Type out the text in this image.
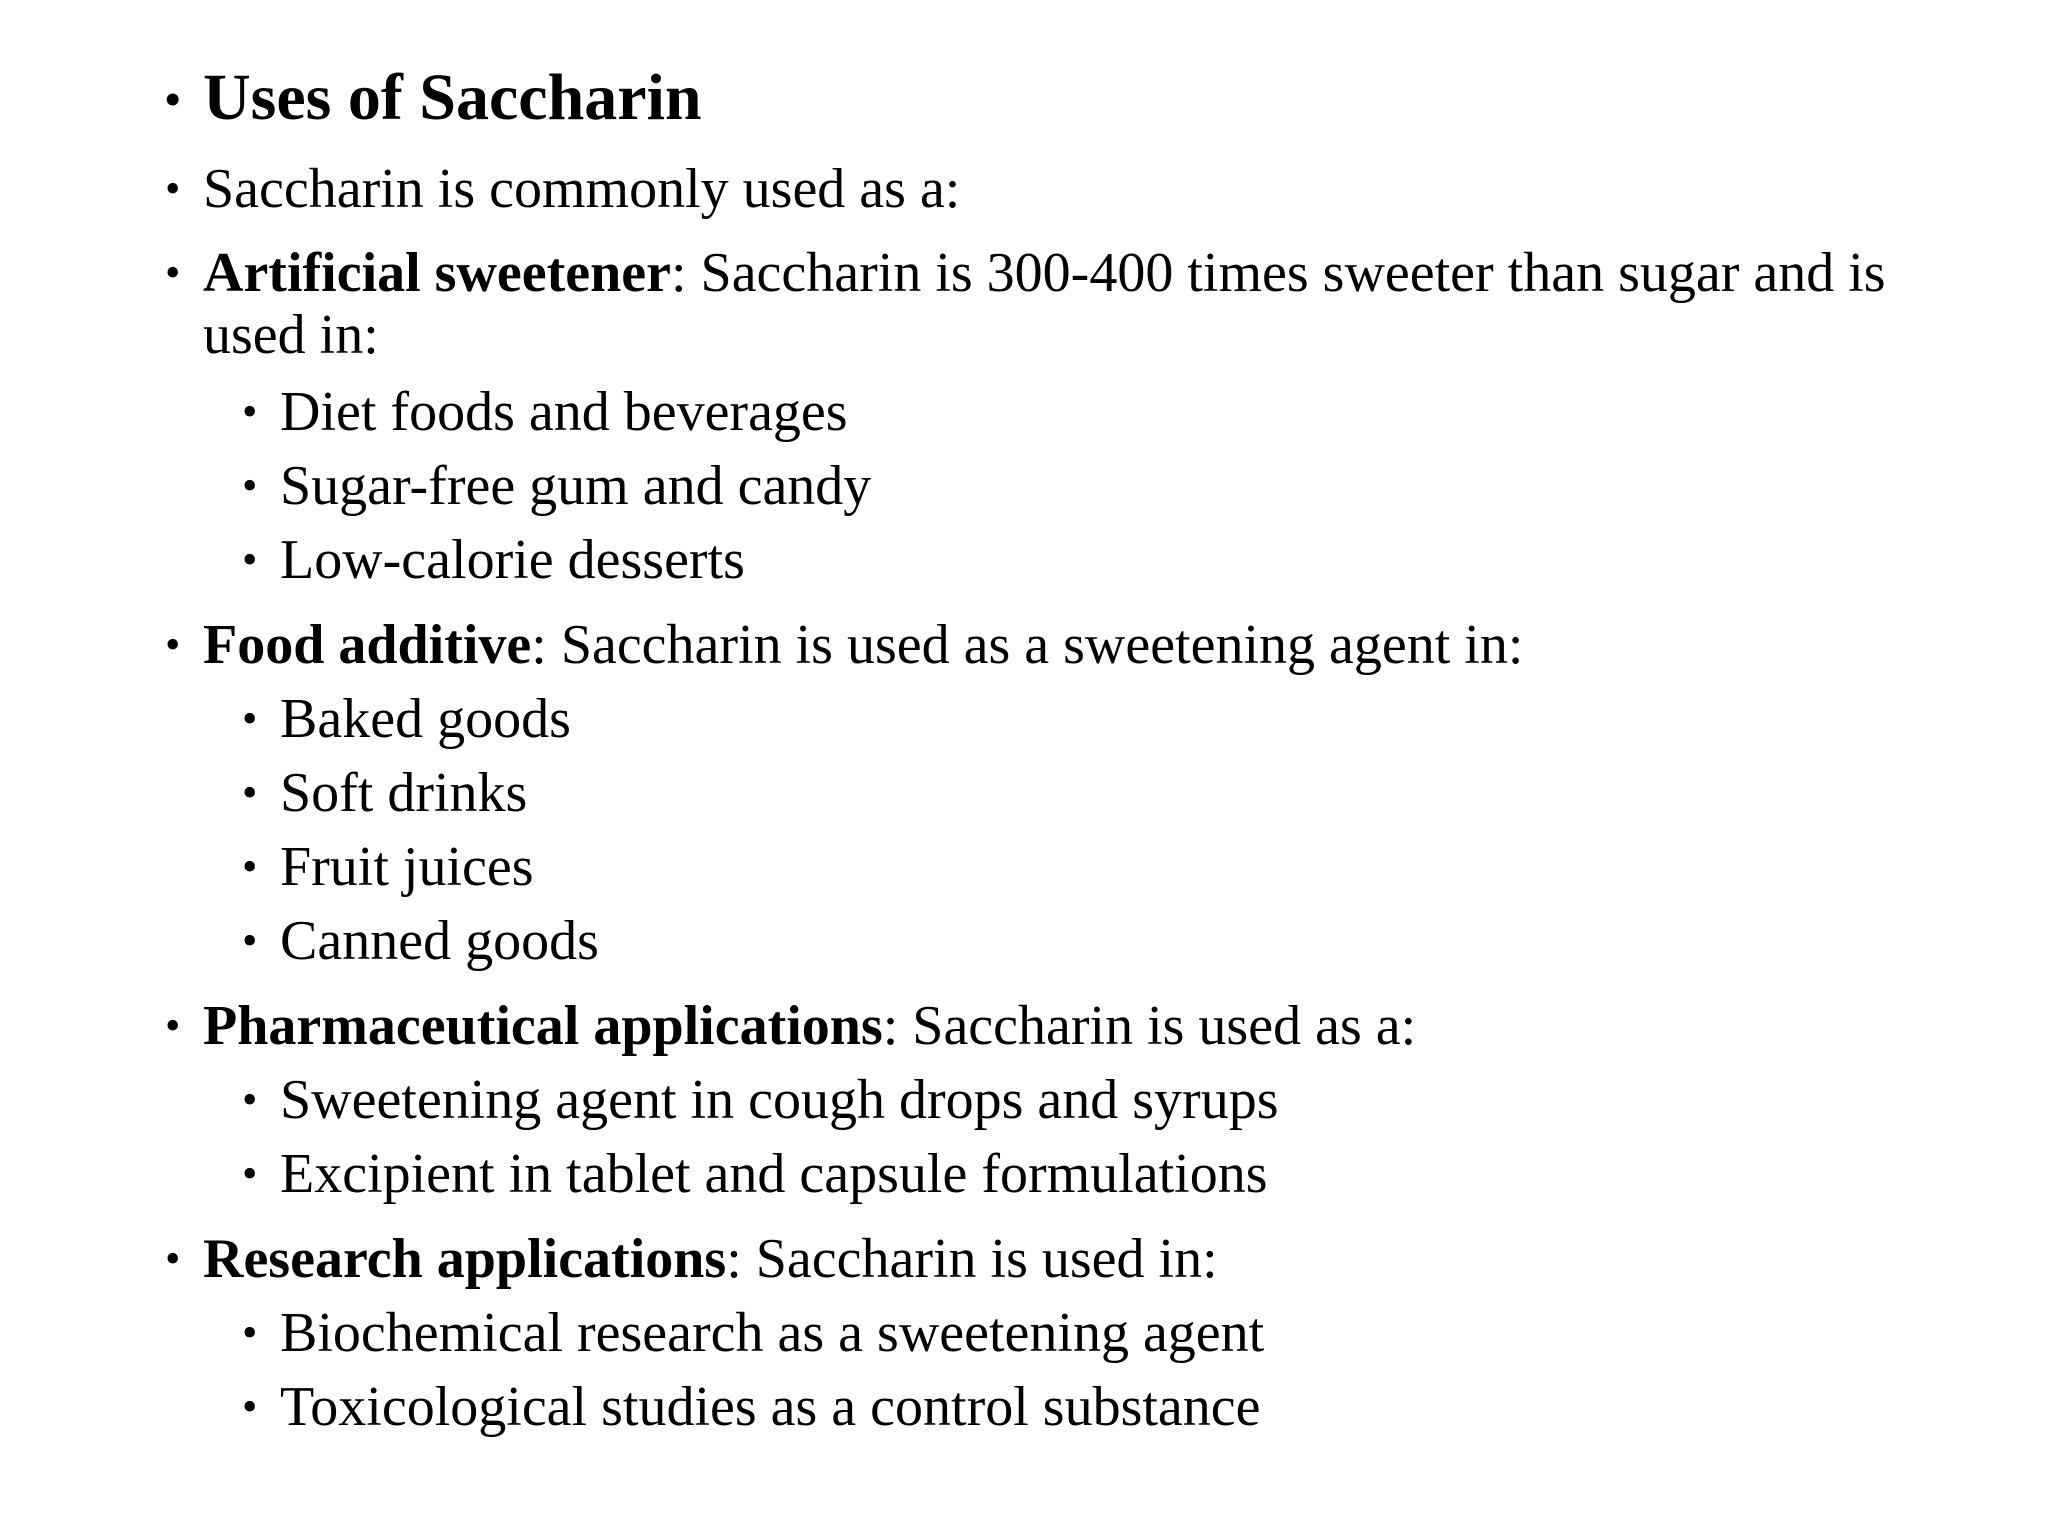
• Uses of Saccharin
• Saccharin is commonly used as a:
• Artificial sweetener: Saccharin is 300-400 times sweeter than sugar and is
used in:
• Diet foods and beverages
• Sugar-free gum and candy
• Low-calorie desserts
• Food additive: Saccharin is used as a sweetening agent in:
• Baked goods
• Soft drinks
• Fruit juices
• Canned goods
• Pharmaceutical applications: Saccharin is used as a:
• Sweetening agent in cough drops and syrups
• Excipient in tablet and capsule formulations
• Research applications: Saccharin is used in:
• Biochemical research as a sweetening agent
• Toxicological studies as a control substance
